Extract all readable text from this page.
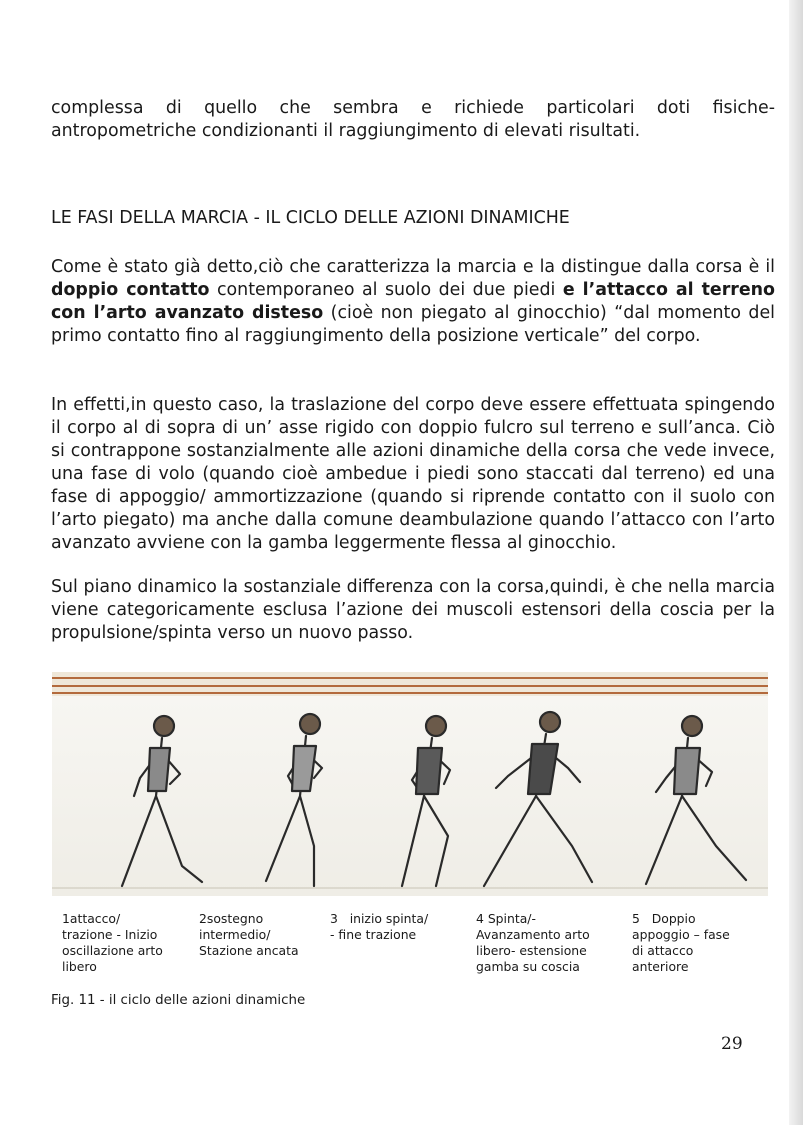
complessa di quello che sembra e richiede particolari doti fisiche-
antropometriche condizionanti il raggiungimento di elevati risultati.

LE FASI DELLA MARCIA - IL CICLO DELLE AZIONI DINAMICHE

Come è stato già detto,ciò che caratterizza la marcia e la distingue dalla corsa è il doppio contatto contemporaneo al suolo dei due piedi e l’attacco al terreno con l’arto avanzato disteso (cioè non piegato al ginocchio) “dal momento del primo contatto fino al raggiungimento della posizione verticale” del corpo.

In effetti,in questo caso, la traslazione del corpo deve essere effettuata spingendo il corpo al di sopra di un’ asse rigido con doppio fulcro sul terreno e sull’anca. Ciò si contrappone sostanzialmente alle azioni dinamiche della corsa che vede invece, una fase di volo (quando cioè ambedue i piedi sono staccati dal terreno) ed una fase di appoggio/ ammortizzazione (quando si riprende contatto con il suolo con l’arto piegato) ma anche dalla comune deambulazione quando l’attacco con l’arto avanzato avviene con la gamba leggermente flessa al ginocchio.

Sul piano dinamico la sostanziale differenza con la corsa,quindi, è che nella marcia viene categoricamente esclusa l’azione dei muscoli estensori della coscia per la propulsione/spinta verso un nuovo passo.

1attacco/
trazione - Inizio
oscillazione arto
libero
2sostegno
intermedio/
Stazione ancata
3   inizio spinta/
- fine trazione
4 Spinta/-
Avanzamento arto
libero- estensione
gamba su coscia
5   Doppio
appoggio – fase
di attacco
anteriore
Fig. 11 - il ciclo delle azioni dinamiche
29
